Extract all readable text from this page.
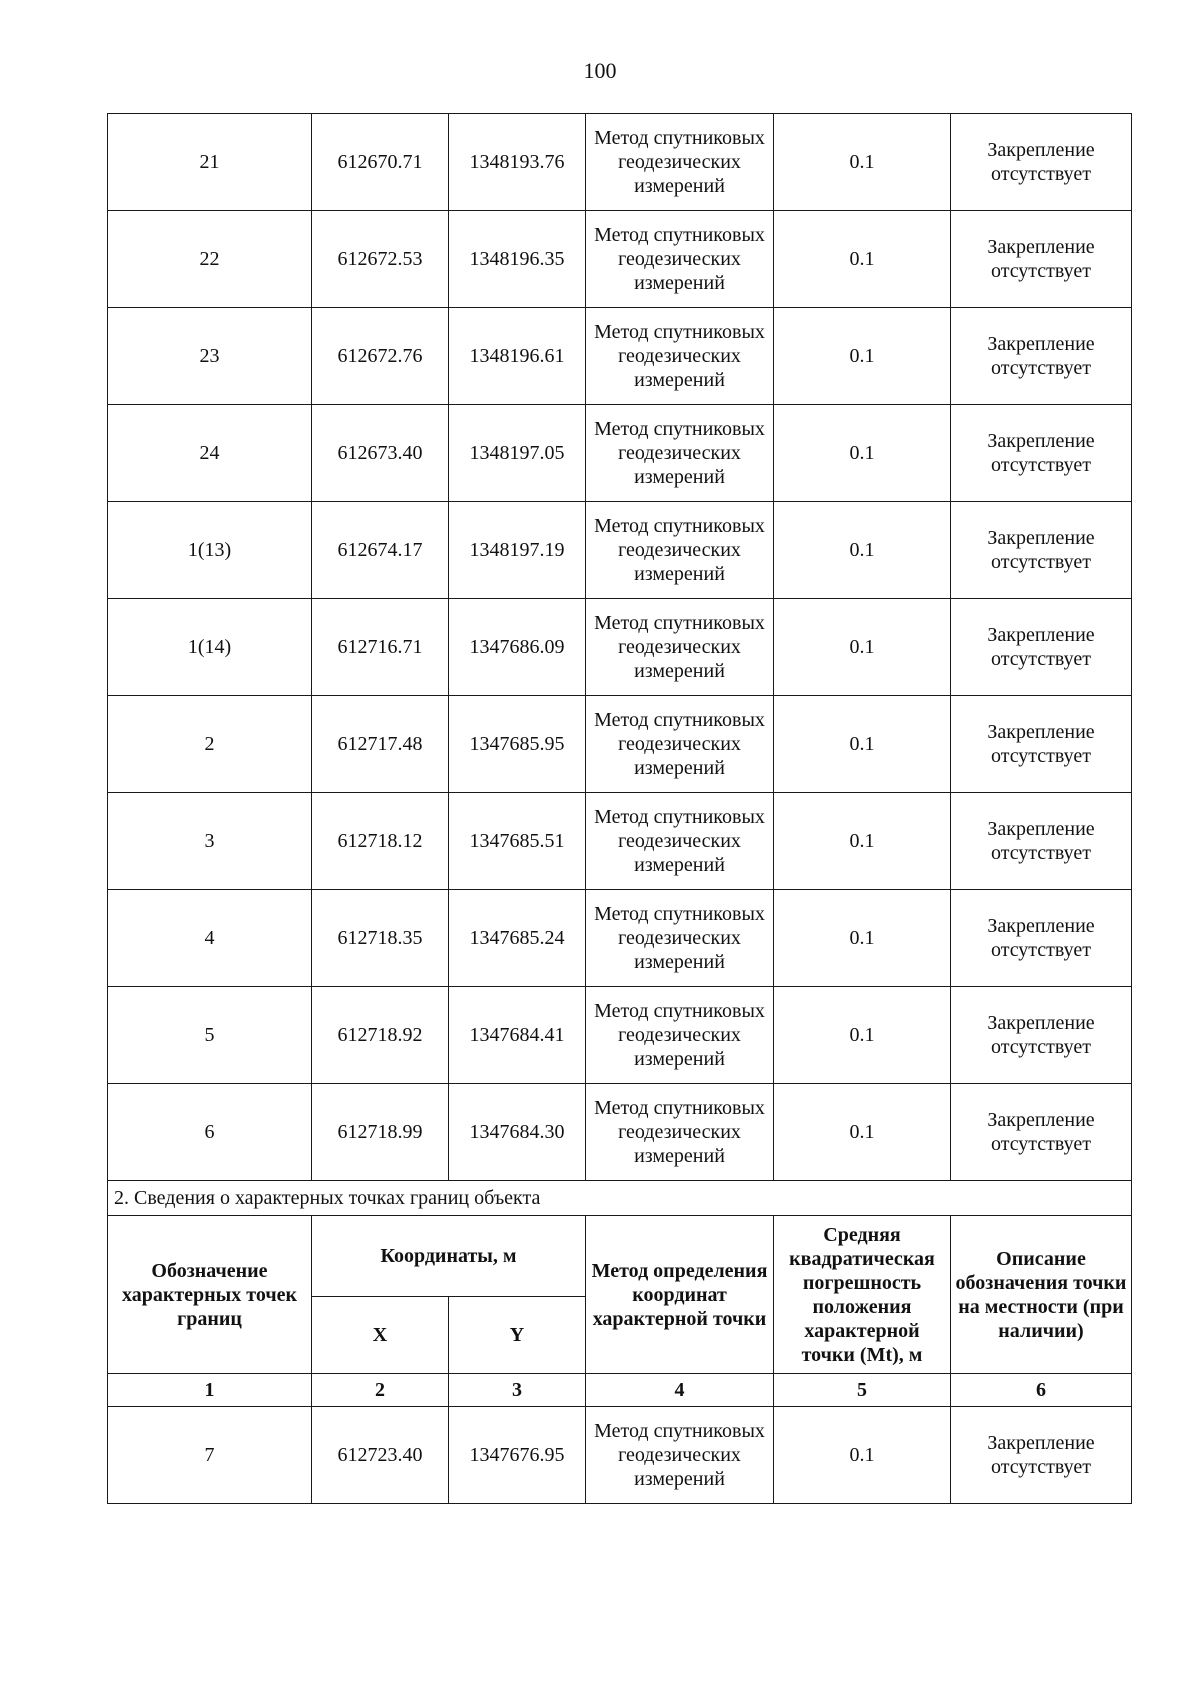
100
21	612670.71	1348193.76	Метод спутниковых геодезических измерений	0.1	Закрепление отсутствует
22	612672.53	1348196.35	Метод спутниковых геодезических измерений	0.1	Закрепление отсутствует
23	612672.76	1348196.61	Метод спутниковых геодезических измерений	0.1	Закрепление отсутствует
24	612673.40	1348197.05	Метод спутниковых геодезических измерений	0.1	Закрепление отсутствует
1(13)	612674.17	1348197.19	Метод спутниковых геодезических измерений	0.1	Закрепление отсутствует
1(14)	612716.71	1347686.09	Метод спутниковых геодезических измерений	0.1	Закрепление отсутствует
2	612717.48	1347685.95	Метод спутниковых геодезических измерений	0.1	Закрепление отсутствует
3	612718.12	1347685.51	Метод спутниковых геодезических измерений	0.1	Закрепление отсутствует
4	612718.35	1347685.24	Метод спутниковых геодезических измерений	0.1	Закрепление отсутствует
5	612718.92	1347684.41	Метод спутниковых геодезических измерений	0.1	Закрепление отсутствует
6	612718.99	1347684.30	Метод спутниковых геодезических измерений	0.1	Закрепление отсутствует
2. Сведения о характерных точках границ объекта					
Обозначение характерных точек границ	Координаты, м		Метод определения координат характерной точки	Средняя квадратическая погрешность положения характерной точки (Mt), м	Описание обозначения точки на местности (при наличии)
	X	Y			
1	2	3	4	5	6
7	612723.40	1347676.95	Метод спутниковых геодезических измерений	0.1	Закрепление отсутствует
